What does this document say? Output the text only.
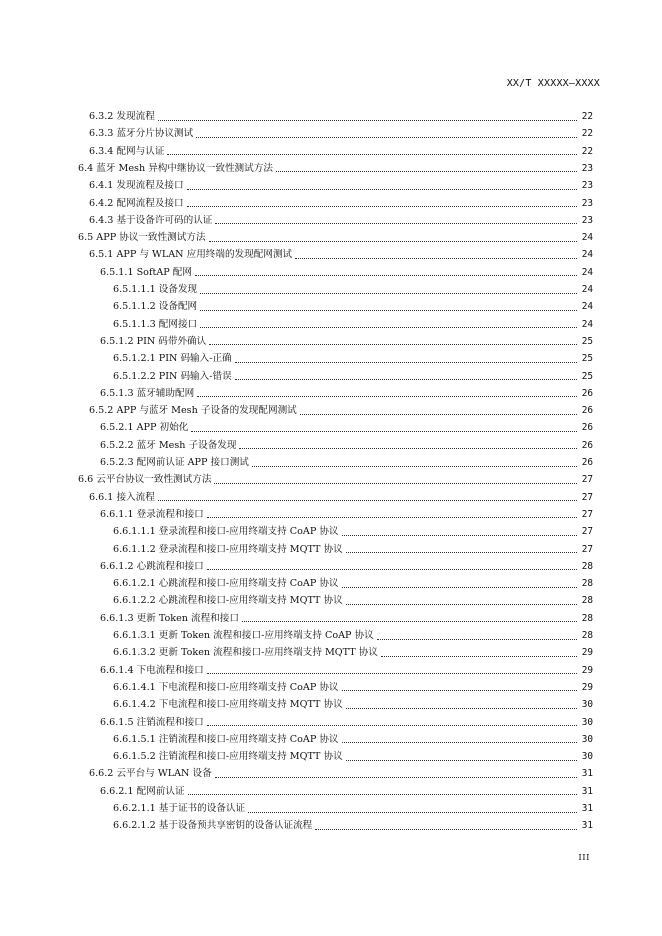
XX/T XXXXX—XXXX
6.3.2 发现流程	22
6.3.3 蓝牙分片协议测试	22
6.3.4 配网与认证	22
6.4 蓝牙 Mesh 异构中继协议一致性测试方法	23
6.4.1 发现流程及接口	23
6.4.2 配网流程及接口	23
6.4.3 基于设备许可码的认证	23
6.5 APP 协议一致性测试方法	24
6.5.1 APP 与 WLAN 应用终端的发现配网测试	24
6.5.1.1 SoftAP 配网	24
6.5.1.1.1 设备发现	24
6.5.1.1.2 设备配网	24
6.5.1.1.3 配网接口	24
6.5.1.2 PIN 码带外确认	25
6.5.1.2.1 PIN 码输入-正确	25
6.5.1.2.2 PIN 码输入-错误	25
6.5.1.3 蓝牙辅助配网	26
6.5.2 APP 与蓝牙 Mesh 子设备的发现配网测试	26
6.5.2.1 APP 初始化	26
6.5.2.2 蓝牙 Mesh 子设备发现	26
6.5.2.3 配网前认证 APP 接口测试	26
6.6 云平台协议一致性测试方法	27
6.6.1 接入流程	27
6.6.1.1 登录流程和接口	27
6.6.1.1.1 登录流程和接口-应用终端支持 CoAP 协议	27
6.6.1.1.2 登录流程和接口-应用终端支持 MQTT 协议	27
6.6.1.2 心跳流程和接口	28
6.6.1.2.1 心跳流程和接口-应用终端支持 CoAP 协议	28
6.6.1.2.2 心跳流程和接口-应用终端支持 MQTT 协议	28
6.6.1.3 更新 Token 流程和接口	28
6.6.1.3.1 更新 Token 流程和接口-应用终端支持 CoAP 协议	28
6.6.1.3.2 更新 Token 流程和接口-应用终端支持 MQTT 协议	29
6.6.1.4 下电流程和接口	29
6.6.1.4.1 下电流程和接口-应用终端支持 CoAP 协议	29
6.6.1.4.2 下电流程和接口-应用终端支持 MQTT 协议	30
6.6.1.5 注销流程和接口	30
6.6.1.5.1 注销流程和接口-应用终端支持 CoAP 协议	30
6.6.1.5.2 注销流程和接口-应用终端支持 MQTT 协议	30
6.6.2 云平台与 WLAN 设备	31
6.6.2.1 配网前认证	31
6.6.2.1.1 基于证书的设备认证	31
6.6.2.1.2 基于设备预共享密钥的设备认证流程	31
III
